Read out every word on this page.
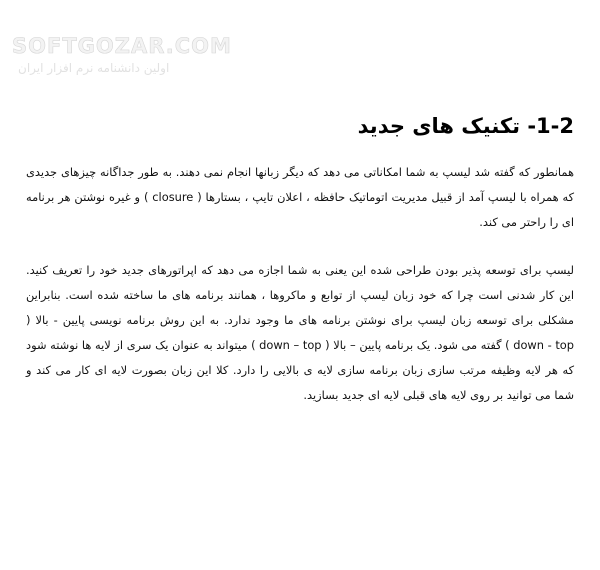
SOFTGOZAR.COM
اولین دانشنامه نرم افزار ایران
1-2- تکنیک های جدید

همانطور که گفته شد لیسپ به شما امکاناتی می دهد که دیگر زبانها انجام نمی دهند. به طور جداگانه چیزهای جدیدی که همراه با لیسپ آمد از قبیل مدیریت اتوماتیک حافظه ، اعلان تایپ ، بستارها ( closure ) و غیره نوشتن هر برنامه ای را راحتر می کند.

لیسپ برای توسعه پذیر بودن طراحی شده این یعنی به شما اجازه می دهد که اپراتورهای جدید خود را تعریف کنید. این کار شدنی است چرا که خود زبان لیسپ از توابع و ماکروها ، همانند برنامه های ما ساخته شده است. بنابراین مشکلی برای توسعه زبان لیسپ برای نوشتن برنامه های ما وجود ندارد. به این روش برنامه نویسی پایین - بالا ( down - top ) گفته می شود. یک برنامه پایین – بالا ( down – top ) میتواند به عنوان یک سری از لایه ها نوشته شود که هر لایه وظیفه مرتب سازی زبان برنامه سازی لایه ی بالایی را دارد. کلا این زبان بصورت لایه ای کار می کند و شما می توانید بر روی لایه های قبلی لایه ای جدید بسازید.
